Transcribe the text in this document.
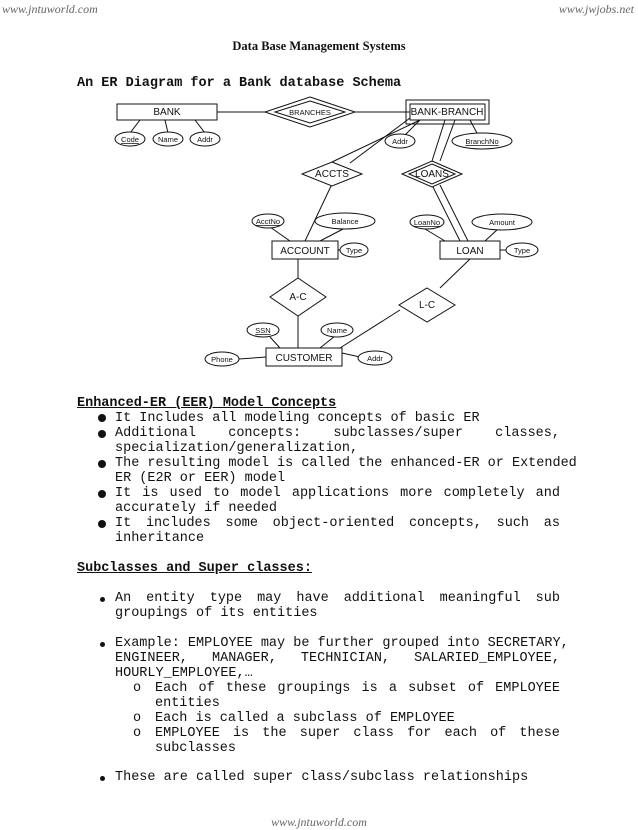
www.jntuworld.com	www.jwjobs.net
www.jntuworld.com
Data Base Management Systems
An ER Diagram for a Bank database Schema
BANK	BANK-BRANCH
ACCOUNT	LOAN
CUSTOMER
BRANCHES
ACCTS	LOANS
A-C
L-C
Code	Name	Addr	Addr	BranchNo
AcctNo	Balance
Type
LoanNo	Amount
Type
SSN	Name
Phone	Addr
Enhanced-ER (EER) Model Concepts
It Includes all modeling concepts of basic ER
Additional concepts: subclasses/super classes,
specialization/generalization,
The resulting model is called the enhanced-ER or Extended
ER (E2R or EER) model
It is used to model applications more completely and
accurately if needed
It includes some object-oriented concepts, such as
inheritance
Subclasses and Super classes:
An entity type may have additional meaningful sub
groupings of its entities
Example: EMPLOYEE may be further grouped into SECRETARY,
ENGINEER, MANAGER, TECHNICIAN, SALARIED_EMPLOYEE,
HOURLY_EMPLOYEE,…
o Each of these groupings is a subset of EMPLOYEE
entities
o Each is called a subclass of EMPLOYEE
o EMPLOYEE is the super class for each of these
subclasses
These are called super class/subclass relationships
